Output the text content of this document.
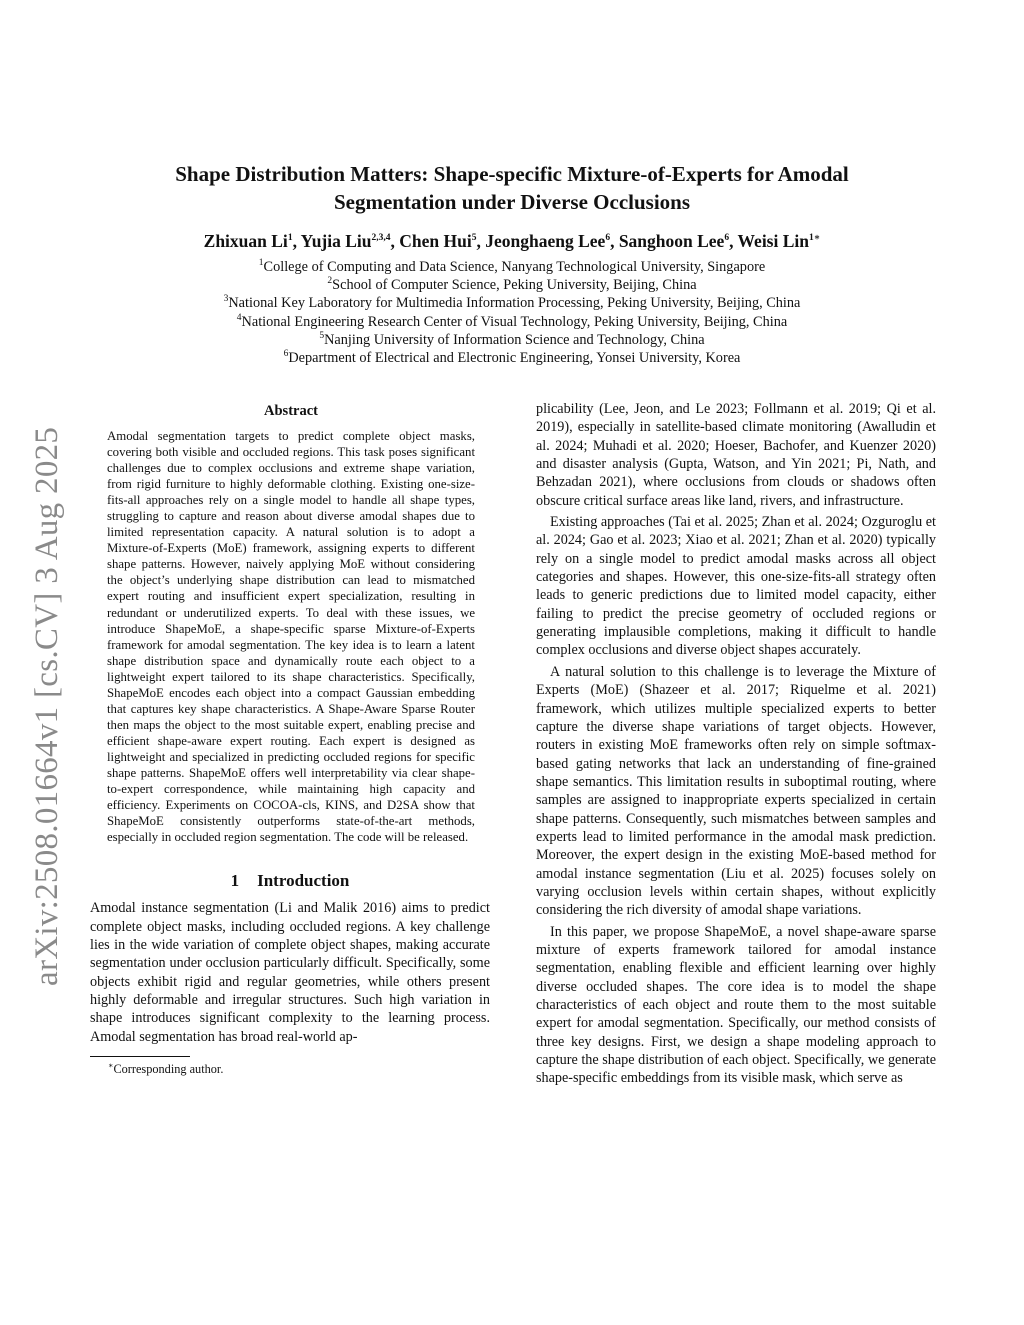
arXiv:2508.01664v1 [cs.CV] 3 Aug 2025
Shape Distribution Matters: Shape-specific Mixture-of-Experts for Amodal
Segmentation under Diverse Occlusions

Zhixuan Li$^1$, Yujia Liu$^{2,3,4}$, Chen Hui$^5$, Jeonghaeng Lee$^6$, Sanghoon Lee$^6$, Weisi Lin$^{1∗}$

$^1$College of Computing and Data Science, Nanyang Technological University, Singapore
$^2$School of Computer Science, Peking University, Beijing, China
$^3$National Key Laboratory for Multimedia Information Processing, Peking University, Beijing, China
$^4$National Engineering Research Center of Visual Technology, Peking University, Beijing, China
$^5$Nanjing University of Information Science and Technology, China
$^6$Department of Electrical and Electronic Engineering, Yonsei University, Korea
Abstract

Amodal segmentation targets to predict complete object masks, covering both visible and occluded regions. This task poses significant challenges due to complex occlusions and extreme shape variation, from rigid furniture to highly deformable clothing. Existing one-size-fits-all approaches rely on a single model to handle all shape types, struggling to capture and reason about diverse amodal shapes due to limited representation capacity. A natural solution is to adopt a Mixture-of-Experts (MoE) framework, assigning experts to different shape patterns. However, naively applying MoE without considering the object’s underlying shape distribution can lead to mismatched expert routing and insufficient expert specialization, resulting in redundant or underutilized experts. To deal with these issues, we introduce ShapeMoE, a shape-specific sparse Mixture-of-Experts framework for amodal segmentation. The key idea is to learn a latent shape distribution space and dynamically route each object to a lightweight expert tailored to its shape characteristics. Specifically, ShapeMoE encodes each object into a compact Gaussian embedding that captures key shape characteristics. A Shape-Aware Sparse Router then maps the object to the most suitable expert, enabling precise and efficient shape-aware expert routing. Each expert is designed as lightweight and specialized in predicting occluded regions for specific shape patterns. ShapeMoE offers well interpretability via clear shape-to-expert correspondence, while maintaining high capacity and efficiency. Experiments on COCOA-cls, KINS, and D2SA show that ShapeMoE consistently outperforms state-of-the-art methods, especially in occluded region segmentation. The code will be released.

1 Introduction

Amodal instance segmentation (Li and Malik 2016) aims to predict complete object masks, including occluded regions. A key challenge lies in the wide variation of complete object shapes, making accurate segmentation under occlusion particularly difficult. Specifically, some objects exhibit rigid and regular geometries, while others present highly deformable and irregular structures. Such high variation in shape introduces significant complexity to the learning process. Amodal segmentation has broad real-world ap-

∗Corresponding author.

plicability (Lee, Jeon, and Le 2023; Follmann et al. 2019; Qi et al. 2019), especially in satellite-based climate monitoring (Awalludin et al. 2024; Muhadi et al. 2020; Hoeser, Bachofer, and Kuenzer 2020) and disaster analysis (Gupta, Watson, and Yin 2021; Pi, Nath, and Behzadan 2021), where occlusions from clouds or shadows often obscure critical surface areas like land, rivers, and infrastructure.

Existing approaches (Tai et al. 2025; Zhan et al. 2024; Ozguroglu et al. 2024; Gao et al. 2023; Xiao et al. 2021; Zhan et al. 2020) typically rely on a single model to predict amodal masks across all object categories and shapes. However, this one-size-fits-all strategy often leads to generic predictions due to limited model capacity, either failing to predict the precise geometry of occluded regions or generating implausible completions, making it difficult to handle complex occlusions and diverse object shapes accurately.

A natural solution to this challenge is to leverage the Mixture of Experts (MoE) (Shazeer et al. 2017; Riquelme et al. 2021) framework, which utilizes multiple specialized experts to better capture the diverse shape variations of target objects. However, routers in existing MoE frameworks often rely on simple softmax-based gating networks that lack an understanding of fine-grained shape semantics. This limitation results in suboptimal routing, where samples are assigned to inappropriate experts specialized in certain shape patterns. Consequently, such mismatches between samples and experts lead to limited performance in the amodal mask prediction. Moreover, the expert design in the existing MoE-based method for amodal instance segmentation (Liu et al. 2025) focuses solely on varying occlusion levels within certain shapes, without explicitly considering the rich diversity of amodal shape variations.

In this paper, we propose ShapeMoE, a novel shape-aware sparse mixture of experts framework tailored for amodal instance segmentation, enabling flexible and efficient learning over highly diverse occluded shapes. The core idea is to model the shape characteristics of each object and route them to the most suitable expert for amodal segmentation. Specifically, our method consists of three key designs. First, we design a shape modeling approach to capture the shape distribution of each object. Specifically, we generate shape-specific embeddings from its visible mask, which serve as
